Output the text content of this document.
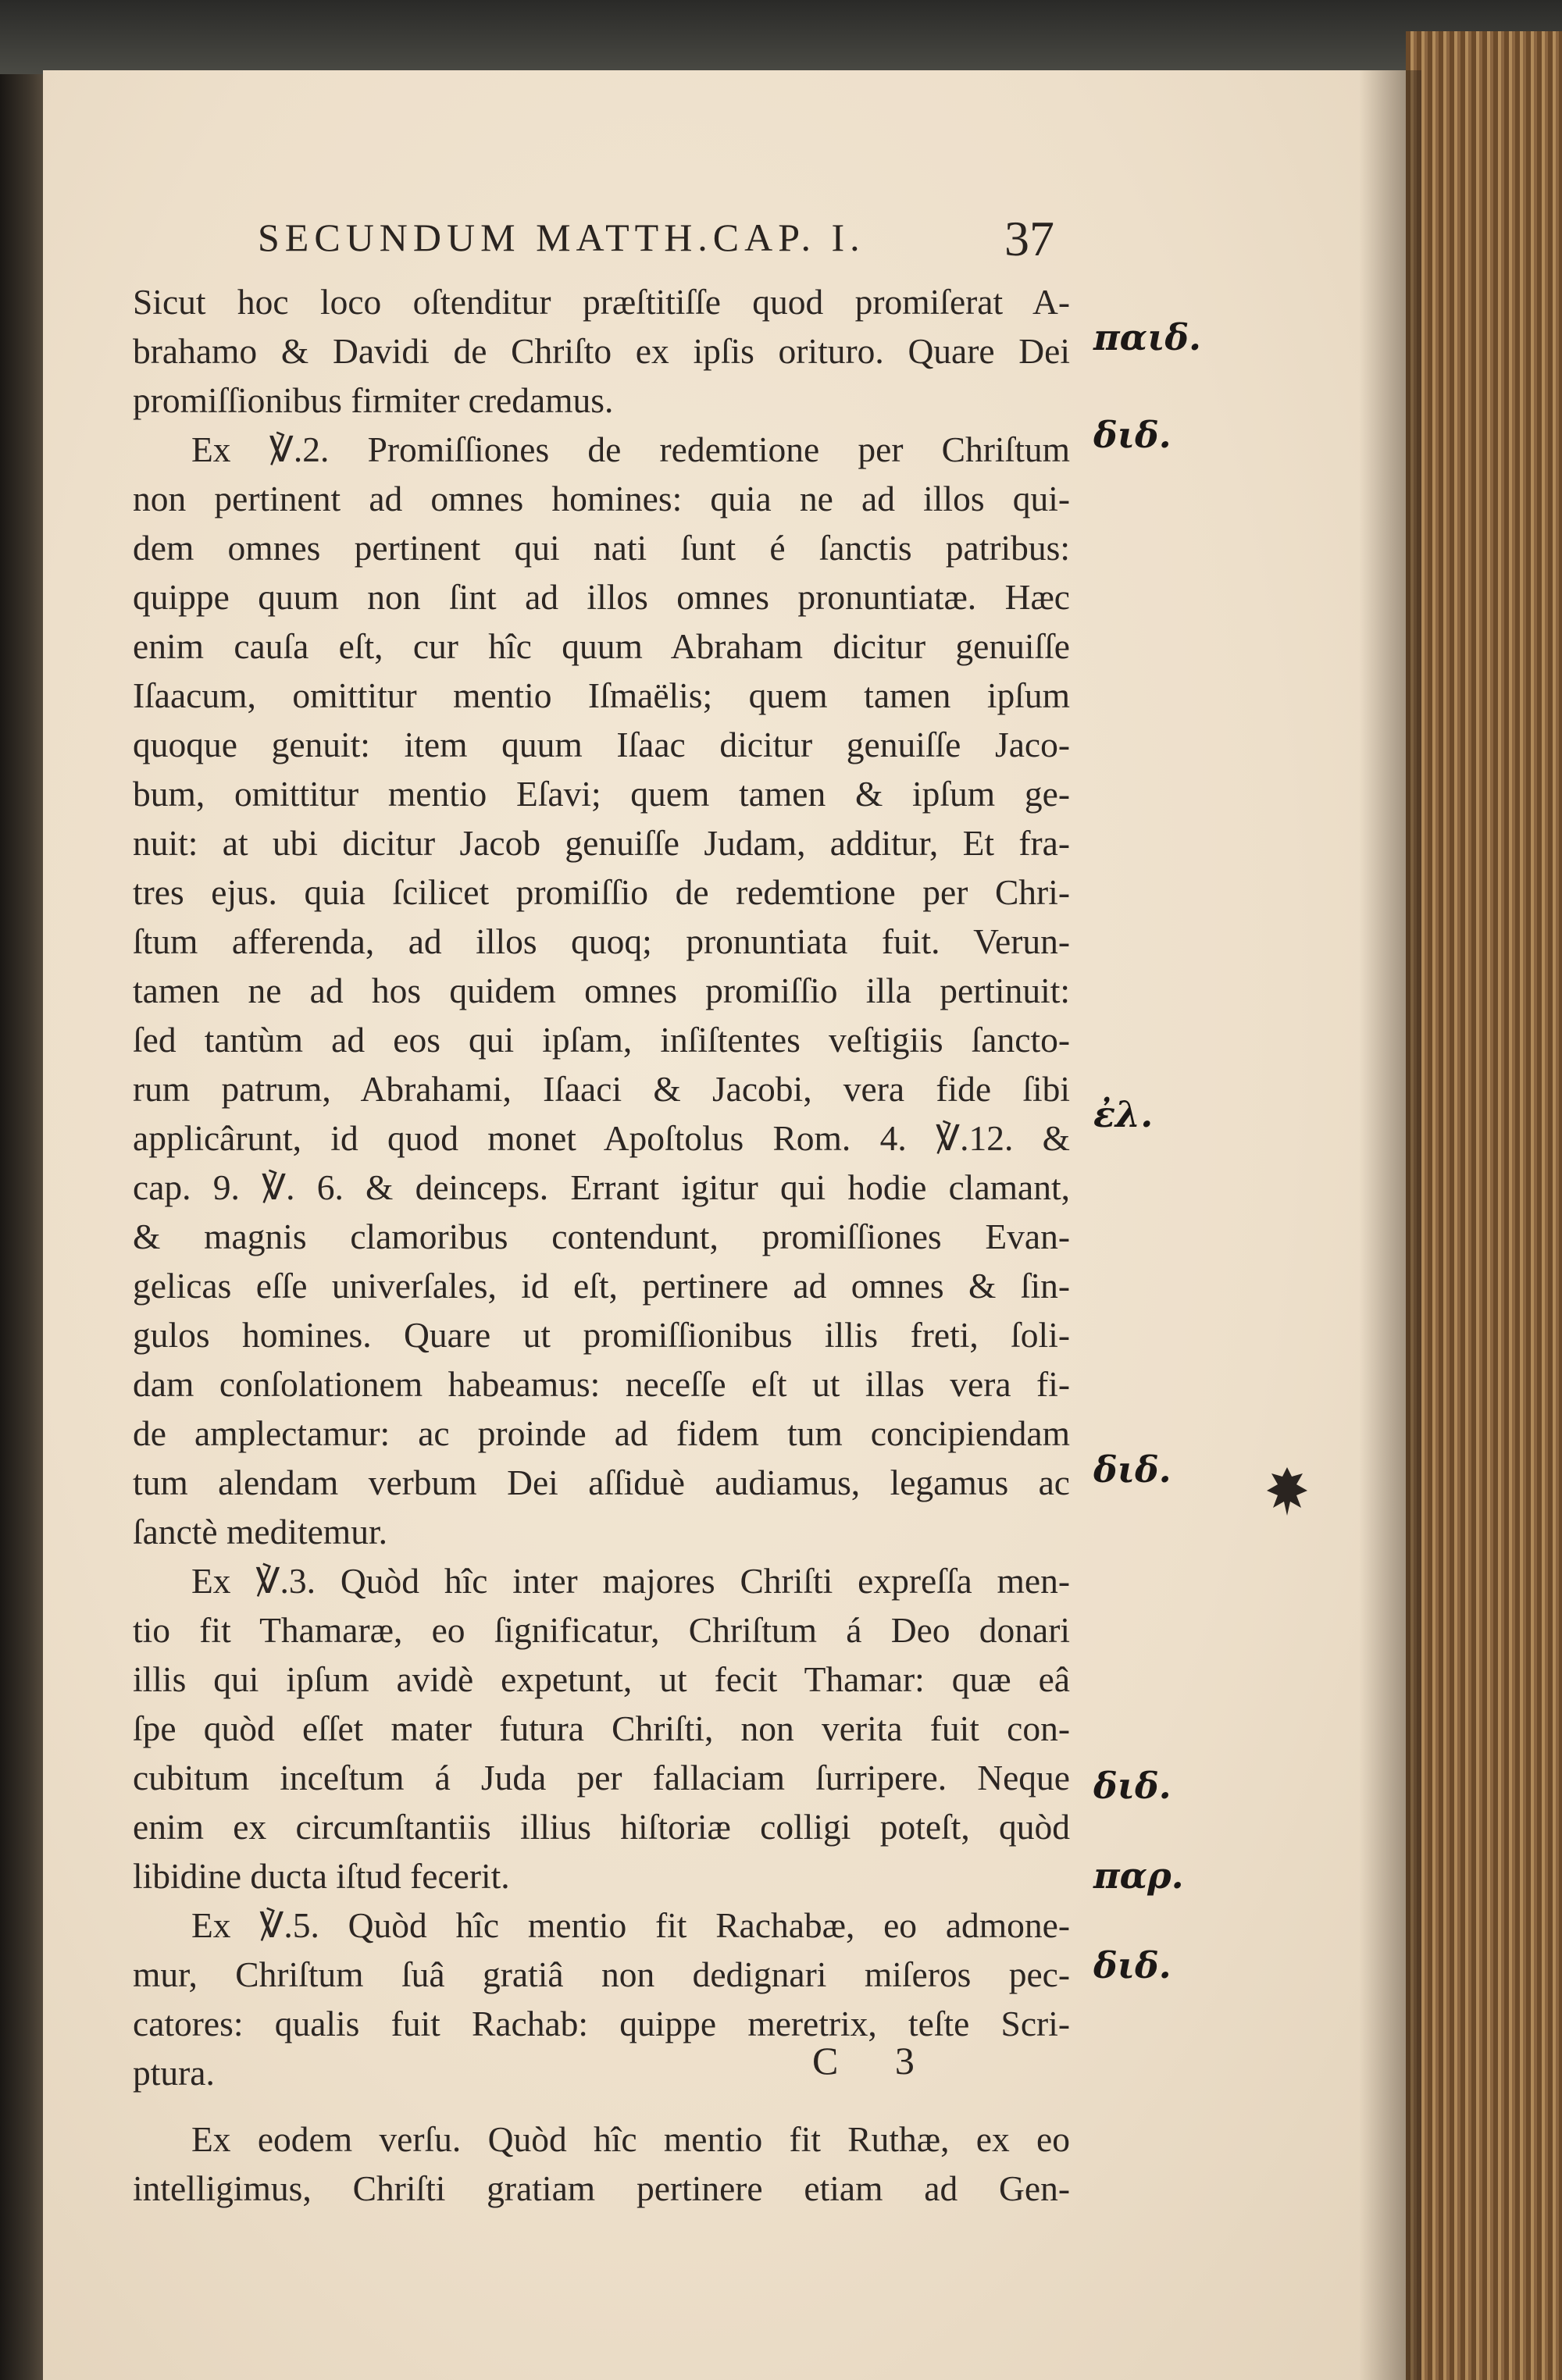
SECUNDUM MATTH.CAP. I.	37
Sicut hoc loco oſtenditur præſtitiſſe quod promiſerat A-
brahamo & Davidi de Chriſto ex ipſis orituro. Quare Dei
promiſſionibus firmiter credamus.
Ex ℣.2. Promiſſiones de redemtione per Chriſtum
non pertinent ad omnes homines: quia ne ad illos qui-
dem omnes pertinent qui nati ſunt é ſanctis patribus:
quippe quum non ſint ad illos omnes pronuntiatæ. Hæc
enim cauſa eſt, cur hîc quum Abraham dicitur genuiſſe
Iſaacum, omittitur mentio Iſmaëlis; quem tamen ipſum
quoque genuit: item quum Iſaac dicitur genuiſſe Jaco-
bum, omittitur mentio Eſavi; quem tamen & ipſum ge-
nuit: at ubi dicitur Jacob genuiſſe Judam, additur, Et fra-
tres ejus. quia ſcilicet promiſſio de redemtione per Chri-
ſtum afferenda, ad illos quoq; pronuntiata fuit. Verun-
tamen ne ad hos quidem omnes promiſſio illa pertinuit:
ſed tantùm ad eos qui ipſam, inſiſtentes veſtigiis ſancto-
rum patrum, Abrahami, Iſaaci & Jacobi, vera fide ſibi
applicârunt, id quod monet Apoſtolus Rom. 4. ℣.12. &
cap. 9. ℣. 6. & deinceps. Errant igitur qui hodie clamant,
& magnis clamoribus contendunt, promiſſiones Evan-
gelicas eſſe univerſales, id eſt, pertinere ad omnes & ſin-
gulos homines. Quare ut promiſſionibus illis freti, ſoli-
dam conſolationem habeamus: neceſſe eſt ut illas vera fi-
de amplectamur: ac proinde ad fidem tum concipiendam
tum alendam verbum Dei aſſiduè audiamus, legamus ac
ſanctè meditemur.
Ex ℣.3. Quòd hîc inter majores Chriſti expreſſa men-
tio fit Thamaræ, eo ſignificatur, Chriſtum á Deo donari
illis qui ipſum avidè expetunt, ut fecit Thamar: quæ eâ
ſpe quòd eſſet mater futura Chriſti, non verita fuit con-
cubitum inceſtum á Juda per fallaciam ſurripere. Neque
enim ex circumſtantiis illius hiſtoriæ colligi poteſt, quòd
libidine ducta iſtud fecerit.
Ex ℣.5. Quòd hîc mentio fit Rachabæ, eo admone-
mur, Chriſtum ſuâ gratiâ non dedignari miſeros pec-
catores: qualis fuit Rachab: quippe meretrix, teſte Scri-
ptura.
Ex eodem verſu. Quòd hîc mentio fit Ruthæ, ex eo
intelligimus, Chriſti gratiam pertinere etiam ad Gen-
παιδ.
διδ.
ἐλ.
διδ.
διδ.
παρ.
διδ.
C 3
